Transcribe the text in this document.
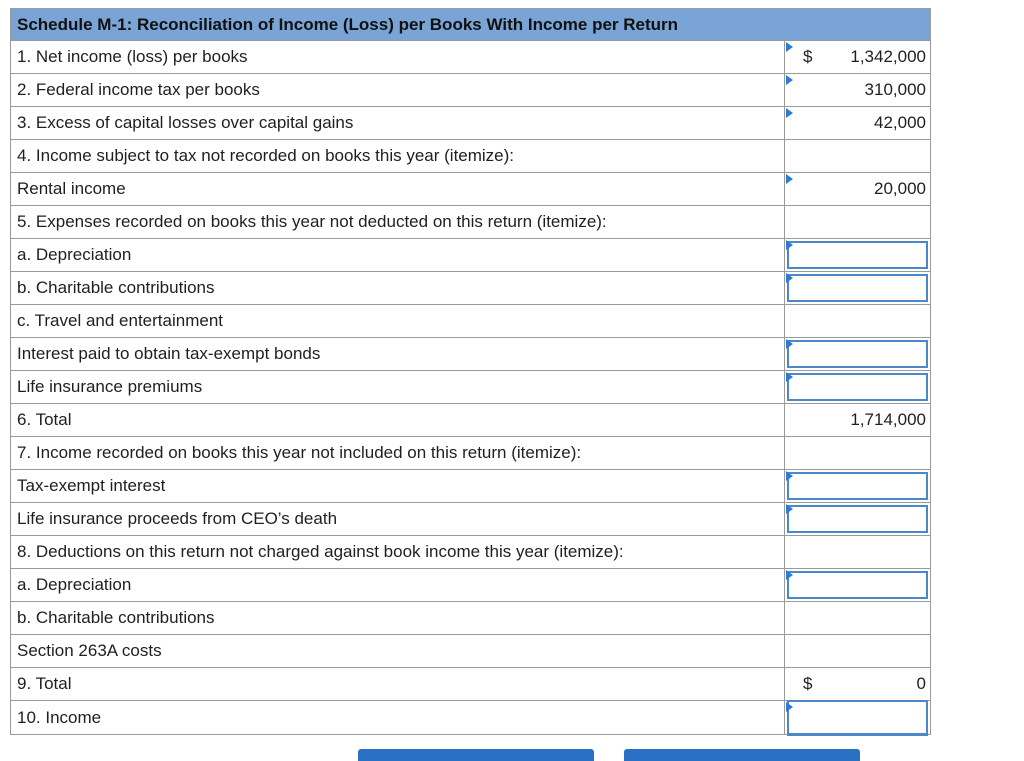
Schedule M-1: Reconciliation of Income (Loss) per Books With Income per Return
1. Net income (loss) per books	$ 1,342,000
2. Federal income tax per books	310,000
3. Excess of capital losses over capital gains	42,000
4. Income subject to tax not recorded on books this year (itemize):
Rental income	20,000
5. Expenses recorded on books this year not deducted on this return (itemize):
a. Depreciation
b. Charitable contributions
c. Travel and entertainment
Interest paid to obtain tax-exempt bonds
Life insurance premiums
6. Total	1,714,000
7. Income recorded on books this year not included on this return (itemize):
Tax-exempt interest
Life insurance proceeds from CEO’s death
8. Deductions on this return not charged against book income this year (itemize):
a. Depreciation
b. Charitable contributions
Section 263A costs
9. Total	$	0
10. Income
